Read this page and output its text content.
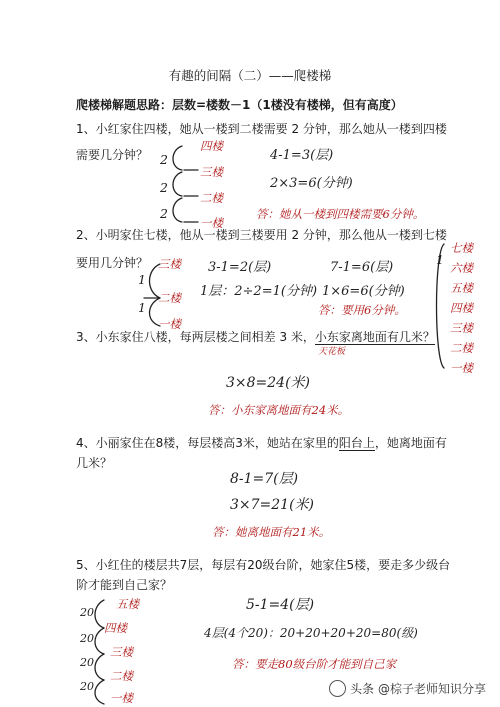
有趣的间隔（二）——爬楼梯
爬楼梯解题思路：层数=楼数－1（1楼没有楼梯，但有高度）
1、小红家住四楼，她从一楼到二楼需要 2 分钟，那么她从一楼到四楼
需要几分钟？
四楼
三楼
二楼
一楼
2
2
2
4-1=3(层)
2×3=6(分钟)
答：她从一楼到四楼需要6分钟。
2、小明家住七楼，他从一楼到三楼要用 2 分钟，那么他从一楼到七楼
要用几分钟？ 三楼
二楼
一楼
1
1
1
3-1=2(层)
1层：2÷2=1(分钟)
7-1=6(层)
1×6=6(分钟)
答：要用6分钟。
七楼
六楼
五楼
四楼
三楼
二楼
一楼
3、小东家住八楼，每两层楼之间相差 3 米，小东家离地面有几米？
天花板
3×8=24(米)
答：小东家离地面有24米。
4、小丽家住在8楼，每层楼高3米，她站在家里的阳台上，她离地面有
几米？
8-1=7(层)
3×7=21(米)
答：她离地面有21米。
5、小红住的楼层共7层，每层有20级台阶，她家住5楼，要走多少级台
阶才能到自己家？
五楼
四楼
三楼
二楼
一楼
20
20
20
20
5-1=4(层)
4层(4个20)：20+20+20+20=80(级)
答：要走80级台阶才能到自己家
头条 @棕子老师知识分享
